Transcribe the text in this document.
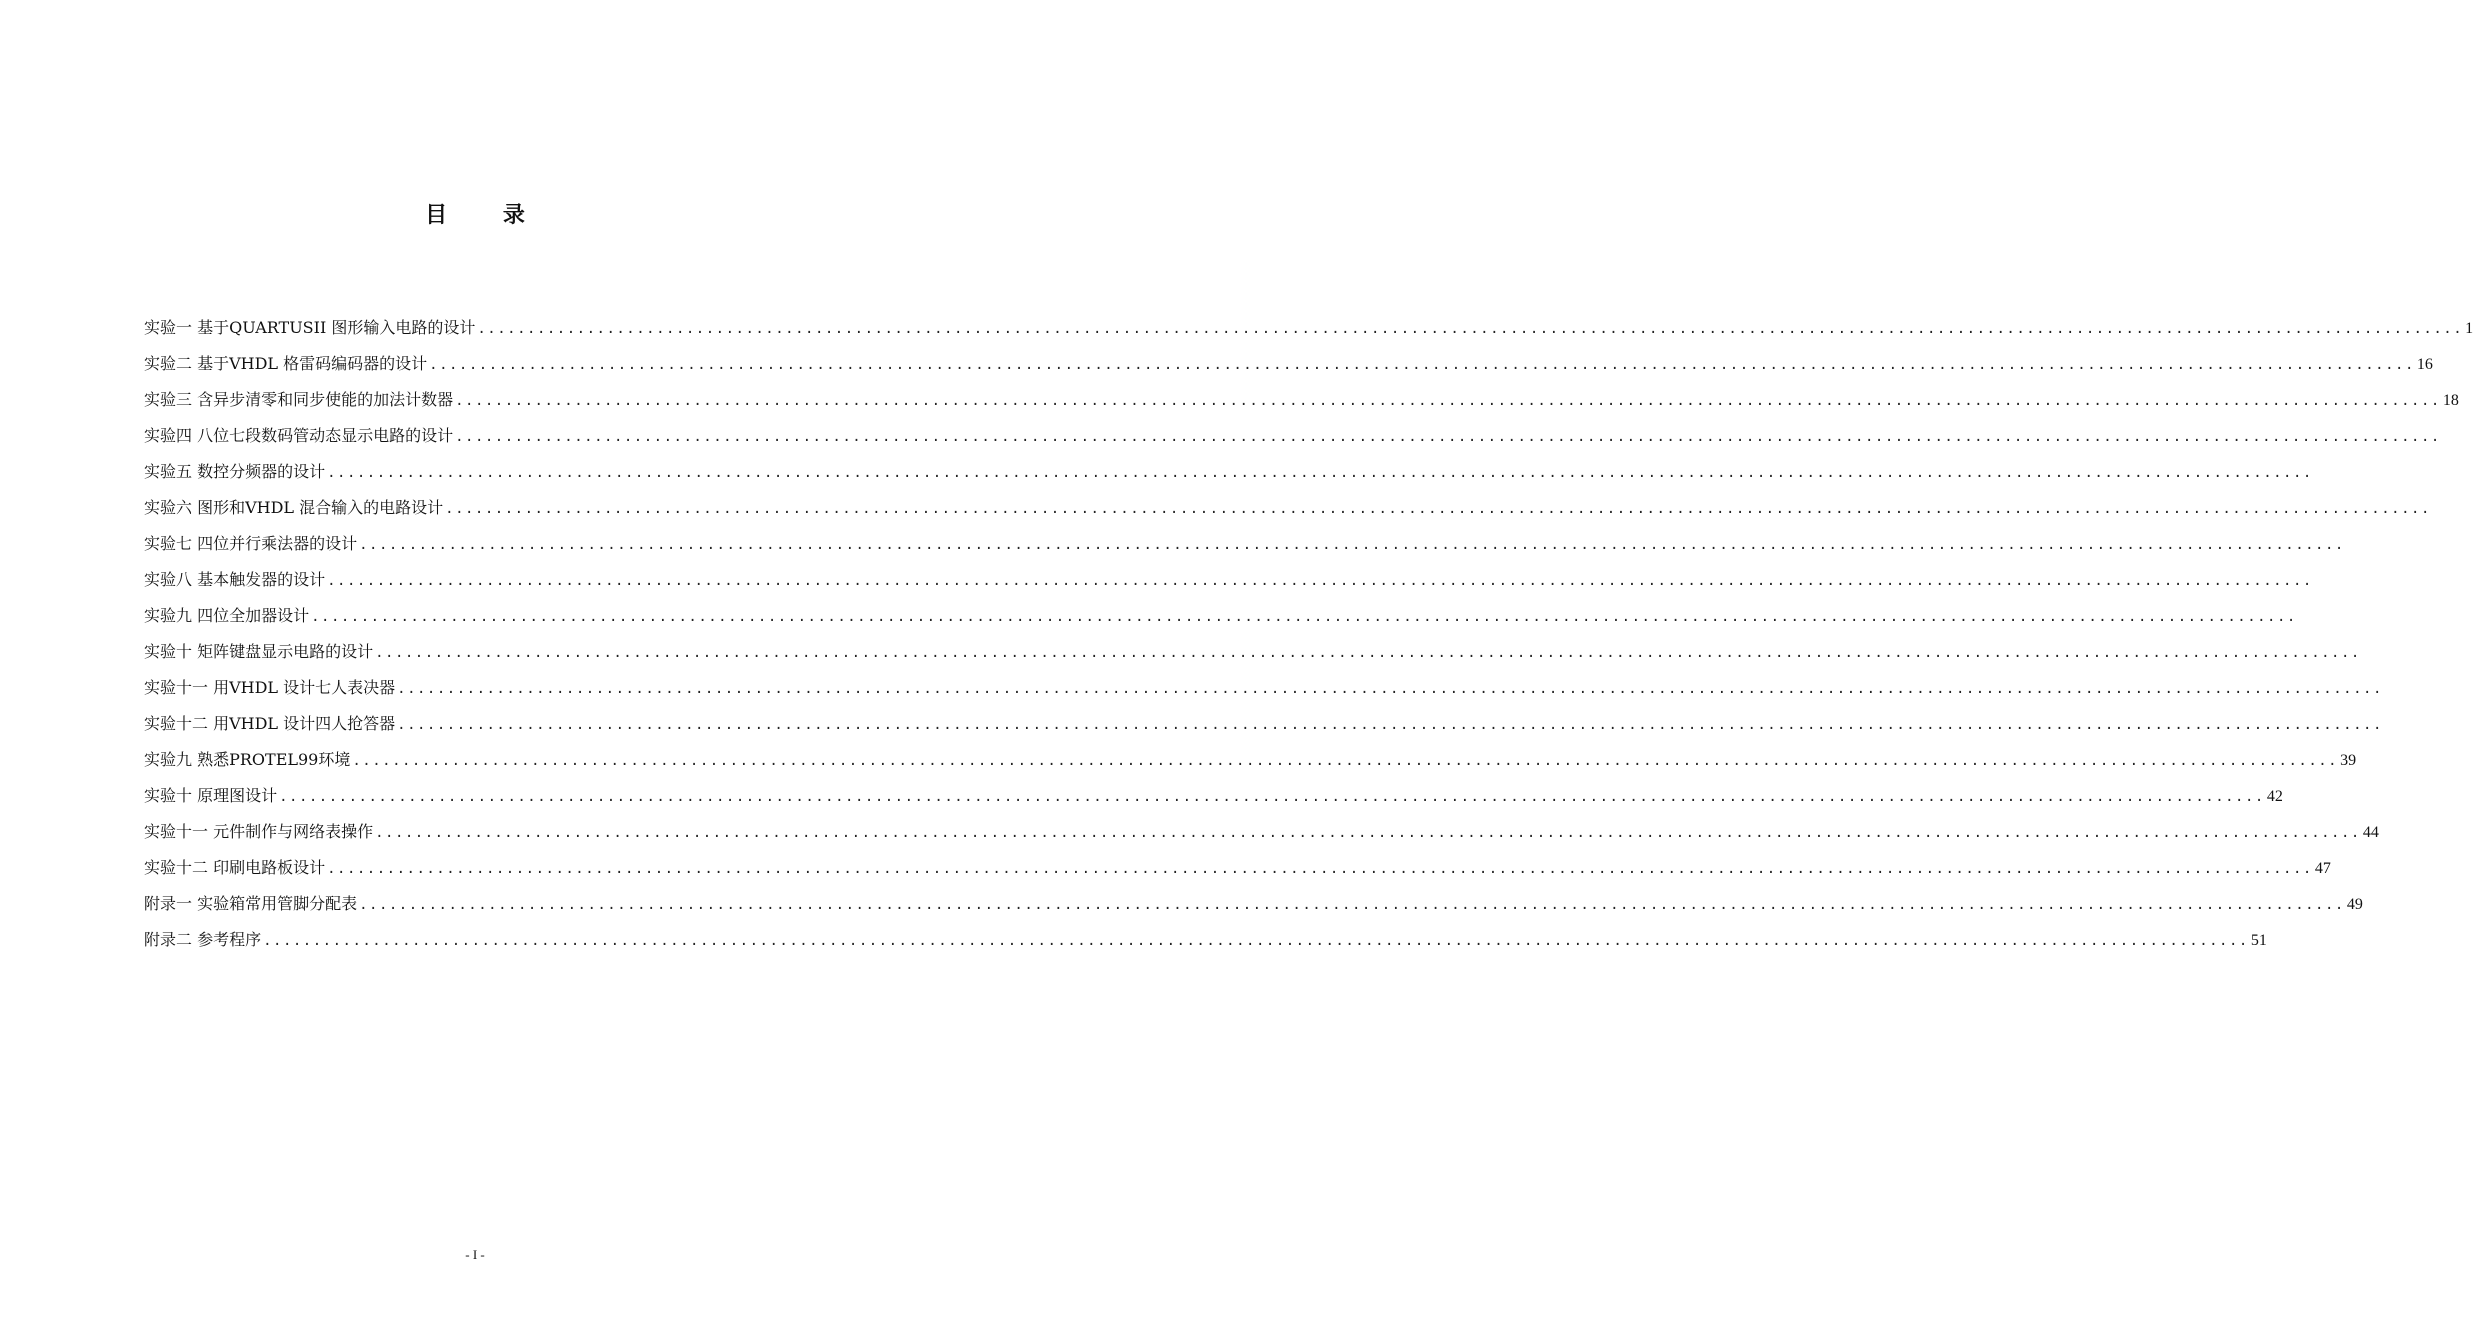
目 录
实验一 基于QUARTUSII 图形输入电路的设计 ........................................................................................................................................................................................................ 1
实验二 基于VHDL 格雷码编码器的设计 ........................................................................................................................................................................................................ 16
实验三 含异步清零和同步使能的加法计数器 ........................................................................................................................................................................................................ 18
实验四 八位七段数码管动态显示电路的设计 ........................................................................................................................................................................................................
实验五 数控分频器的设计 ........................................................................................................................................................................................................
实验六 图形和VHDL 混合输入的电路设计 ........................................................................................................................................................................................................
实验七 四位并行乘法器的设计 ........................................................................................................................................................................................................
实验八 基本触发器的设计 ........................................................................................................................................................................................................
实验九 四位全加器设计 ........................................................................................................................................................................................................
实验十 矩阵键盘显示电路的设计 ........................................................................................................................................................................................................
实验十一 用VHDL 设计七人表决器 ........................................................................................................................................................................................................
实验十二 用VHDL 设计四人抢答器 ........................................................................................................................................................................................................
实验九 熟悉PROTEL99环境 ........................................................................................................................................................................................................ 39
实验十 原理图设计 ........................................................................................................................................................................................................ 42
实验十一 元件制作与网络表操作 ........................................................................................................................................................................................................ 44
实验十二 印刷电路板设计 ........................................................................................................................................................................................................ 47
附录一 实验箱常用管脚分配表 ........................................................................................................................................................................................................ 49
附录二 参考程序 ........................................................................................................................................................................................................ 51
- I -
